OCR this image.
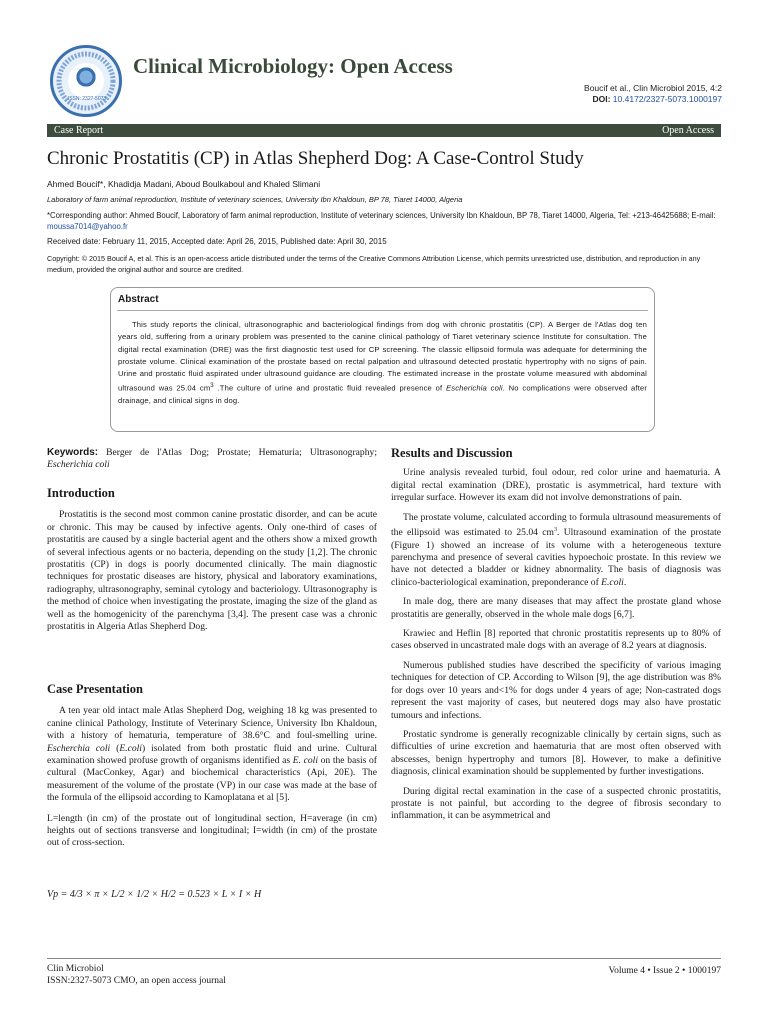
ISSN: 2327-5073
Clinical Microbiology: Open Access
Boucif et al., Clin Microbiol 2015, 4:2
DOI: 10.4172/2327-5073.1000197
Case Report	Open Access
Chronic Prostatitis (CP) in Atlas Shepherd Dog: A Case-Control Study
Ahmed Boucif*, Khadidja Madani, Aboud Boulkaboul and Khaled Slimani
Laboratory of farm animal reproduction, Institute of veterinary sciences, University Ibn Khaldoun, BP 78, Tiaret 14000, Algeria
*Corresponding author: Ahmed Boucif, Laboratory of farm animal reproduction, Institute of veterinary sciences, University Ibn Khaldoun, BP 78, Tiaret 14000, Algeria, Tel: +213-46425688; E-mail: moussa7014@yahoo.fr
Received date: February 11, 2015, Accepted date: April 26, 2015, Published date: April 30, 2015
Copyright: © 2015 Boucif A, et al. This is an open-access article distributed under the terms of the Creative Commons Attribution License, which permits unrestricted use, distribution, and reproduction in any medium, provided the original author and source are credited.
Abstract
This study reports the clinical, ultrasonographic and bacteriological findings from dog with chronic prostatitis (CP). A Berger de l'Atlas dog ten years old, suffering from a urinary problem was presented to the canine clinical pathology of Tiaret veterinary science Institute for consultation. The digital rectal examination (DRE) was the first diagnostic test used for CP screening. The classic ellipsoid formula was adequate for determining the prostate volume. Clinical examination of the prostate based on rectal palpation and ultrasound detected prostatic hypertrophy with no signs of pain. Urine and prostatic fluid aspirated under ultrasound guidance are clouding. The estimated increase in the prostate volume measured with abdominal ultrasound was 25.04 $cm^3$ .The culture of urine and prostatic fluid revealed presence of Escherichia coli. No complications were observed after drainage, and clinical signs in dog.
Keywords: Berger de l'Atlas Dog; Prostate; Hematuria; Ultrasonography; Escherichia coli
Introduction

Prostatitis is the second most common canine prostatic disorder, and can be acute or chronic. This may be caused by infective agents. Only one-third of cases of prostatitis are caused by a single bacterial agent and the others show a mixed growth of several infectious agents or no bacteria, depending on the study [1,2]. The chronic prostatitis (CP) in dogs is poorly documented clinically. The main diagnostic techniques for prostatic diseases are history, physical and laboratory examinations, radiography, ultrasonography, seminal cytology and bacteriology. Ultrasonography is the method of choice when investigating the prostate, imaging the size of the gland as well as the homogenicity of the parenchyma [3,4]. The present case was a chronic prostatitis in Algeria Atlas Shepherd Dog.

Case Presentation

A ten year old intact male Atlas Shepherd Dog, weighing 18 kg was presented to canine clinical Pathology, Institute of Veterinary Science, University Ibn Khaldoun, with a history of hematuria, temperature of 38.6°C and foul-smelling urine. Escherchia coli (E.coli) isolated from both prostatic fluid and urine. Cultural examination showed profuse growth of organisms identified as E. coli on the basis of cultural (MacConkey, Agar) and biochemical characteristics (Api, 20E). The measurement of the volume of the prostate (VP) in our case was made at the base of the formula of the ellipsoid according to Kamoplatana et al [5].

L=length (in cm) of the prostate out of longitudinal section, H=average (in cm) heights out of sections transverse and longitudinal; I=width (in cm) of the prostate out of cross-section.

Vp = 4/3 × π × L/2 × 1/2 × H/2 = 0.523 × L × I × H
Results and Discussion

Urine analysis revealed turbid, foul odour, red color urine and haematuria. A digital rectal examination (DRE), prostatic is asymmetrical, hard texture with irregular surface. However its exam did not involve demonstrations of pain.

The prostate volume, calculated according to formula ultrasound measurements of the ellipsoid was estimated to 25.04 $cm^3$. Ultrasound examination of the prostate (Figure 1) showed an increase of its volume with a heterogeneous texture parenchyma and presence of several cavities hypoechoic prostate. In this review we have not detected a bladder or kidney abnormality. The basis of diagnosis was clinico-bacteriological examination, preponderance of E.coli.

In male dog, there are many diseases that may affect the prostate gland whose prostatitis are generally, observed in the whole male dogs [6,7].

Krawiec and Heflin [8] reported that chronic prostatitis represents up to 80% of cases observed in uncastrated male dogs with an average of 8.2 years at diagnosis.

Numerous published studies have described the specificity of various imaging techniques for detection of CP. According to Wilson [9], the age distribution was 8% for dogs over 10 years and<1% for dogs under 4 years of age; Non-castrated dogs represent the vast majority of cases, but neutered dogs may also have prostatic tumours and infections.

Prostatic syndrome is generally recognizable clinically by certain signs, such as difficulties of urine excretion and haematuria that are most often observed with abscesses, benign hypertrophy and tumors [8]. However, to make a definitive diagnosis, clinical examination should be supplemented by further investigations.

During digital rectal examination in the case of a suspected chronic prostatitis, prostate is not painful, but according to the degree of fibrosis secondary to inflammation, it can be asymmetrical and

Clin Microbiol
ISSN:2327-5073 CMO, an open access journal
Volume 4 • Issue 2 • 1000197
